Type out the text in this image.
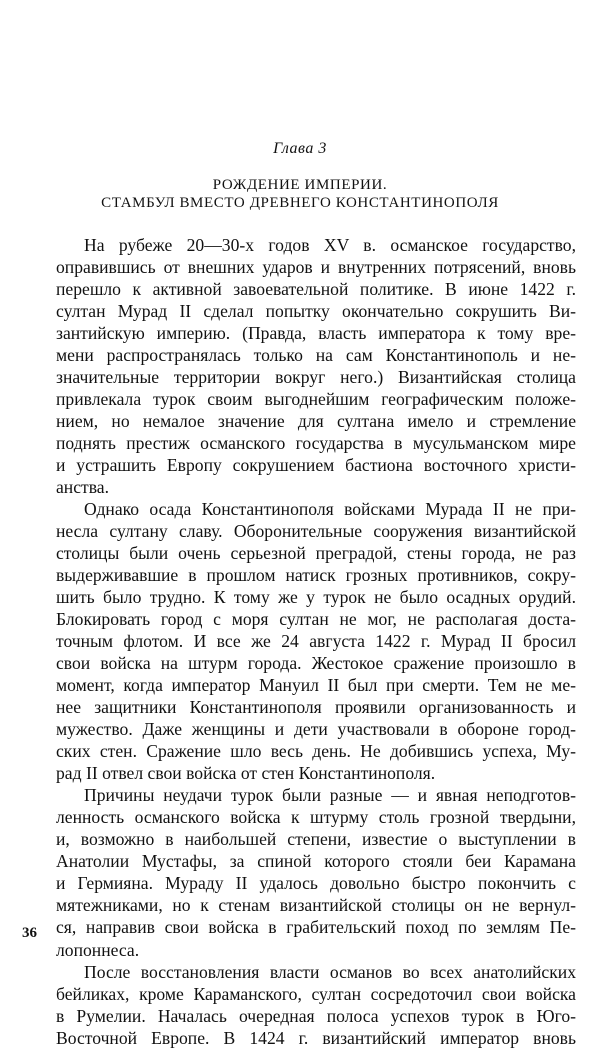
Глава 3
РОЖДЕНИЕ ИМПЕРИИ.
СТАМБУЛ ВМЕСТО ДРЕВНЕГО КОНСТАНТИНОПОЛЯ
На рубеже 20—30-х годов XV в. османское государство,
оправившись от внешних ударов и внутренних потрясений, вновь
перешло к активной завоевательной политике. В июне 1422 г.
султан Мурад II сделал попытку окончательно сокрушить Ви-
зантийскую империю. (Правда, власть императора к тому вре-
мени распространялась только на сам Константинополь и не-
значительные территории вокруг него.) Византийская столица
привлекала турок своим выгоднейшим географическим положе-
нием, но немалое значение для султана имело и стремление
поднять престиж османского государства в мусульманском мире
и устрашить Европу сокрушением бастиона восточного христи-
анства.
Однако осада Константинополя войсками Мурада II не при-
несла султану славу. Оборонительные сооружения византийской
столицы были очень серьезной преградой, стены города, не раз
выдерживавшие в прошлом натиск грозных противников, сокру-
шить было трудно. К тому же у турок не было осадных орудий.
Блокировать город с моря султан не мог, не располагая доста-
точным флотом. И все же 24 августа 1422 г. Мурад II бросил
свои войска на штурм города. Жестокое сражение произошло в
момент, когда император Мануил II был при смерти. Тем не ме-
нее защитники Константинополя проявили организованность и
мужество. Даже женщины и дети участвовали в обороне город-
ских стен. Сражение шло весь день. Не добившись успеха, Му-
рад II отвел свои войска от стен Константинополя.
Причины неудачи турок были разные — и явная неподготов-
ленность османского войска к штурму столь грозной твердыни,
и, возможно в наибольшей степени, известие о выступлении в
Анатолии Мустафы, за спиной которого стояли беи Карамана
и Гермияна. Мураду II удалось довольно быстро покончить с
мятежниками, но к стенам византийской столицы он не вернул-
ся, направив свои войска в грабительский поход по землям Пе-
лопоннеса.
После восстановления власти османов во всех анатолийских
бейликах, кроме Караманского, султан сосредоточил свои войска
в Румелии. Началась очередная полоса успехов турок в Юго-
Восточной Европе. В 1424 г. византийский император вновь
36
